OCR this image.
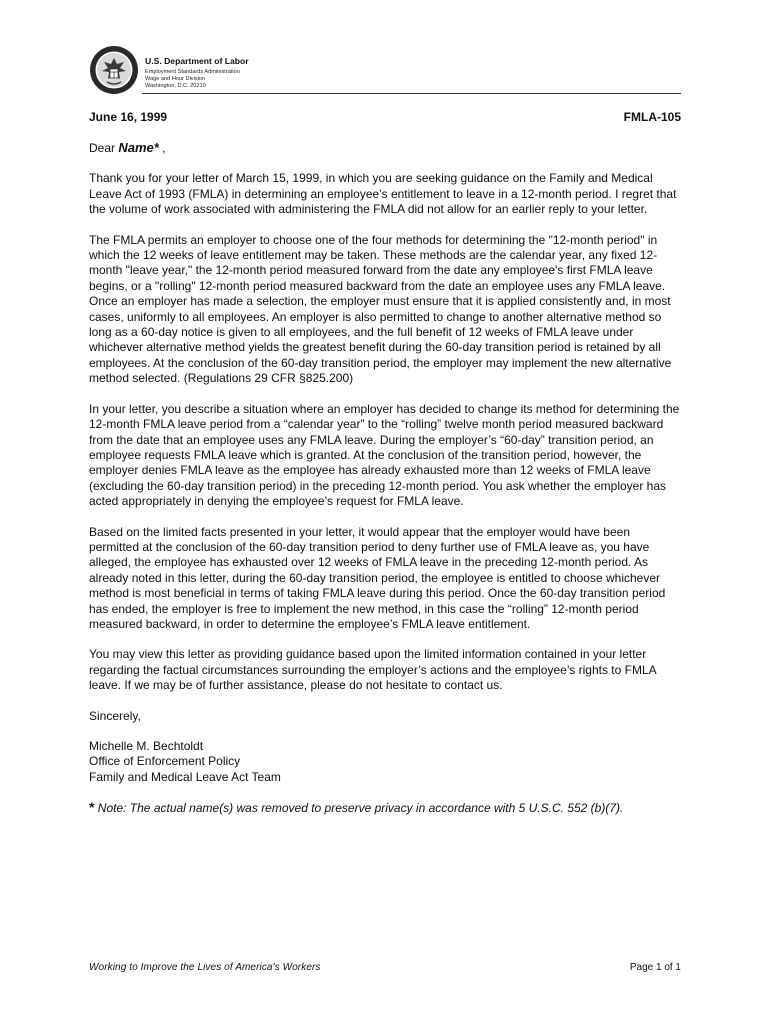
U.S. Department of Labor
Employment Standards Administration
Wage and Hour Division
Washington, D.C. 20210
June 16, 1999	FMLA-105

Dear Name* ,

Thank you for your letter of March 15, 1999, in which you are seeking guidance on the Family and Medical Leave Act of 1993 (FMLA) in determining an employee’s entitlement to leave in a 12-month period. I regret that the volume of work associated with administering the FMLA did not allow for an earlier reply to your letter.

The FMLA permits an employer to choose one of the four methods for determining the "12-month period" in which the 12 weeks of leave entitlement may be taken. These methods are the calendar year, any fixed 12-month "leave year," the 12-month period measured forward from the date any employee's first FMLA leave begins, or a "rolling" 12-month period measured backward from the date an employee uses any FMLA leave. Once an employer has made a selection, the employer must ensure that it is applied consistently and, in most cases, uniformly to all employees. An employer is also permitted to change to another alternative method so long as a 60-day notice is given to all employees, and the full benefit of 12 weeks of FMLA leave under whichever alternative method yields the greatest benefit during the 60-day transition period is retained by all employees. At the conclusion of the 60-day transition period, the employer may implement the new alternative method selected. (Regulations 29 CFR §825.200)

In your letter, you describe a situation where an employer has decided to change its method for determining the 12-month FMLA leave period from a “calendar year” to the “rolling” twelve month period measured backward from the date that an employee uses any FMLA leave. During the employer’s “60-day” transition period, an employee requests FMLA leave which is granted. At the conclusion of the transition period, however, the employer denies FMLA leave as the employee has already exhausted more than 12 weeks of FMLA leave (excluding the 60-day transition period) in the preceding 12-month period. You ask whether the employer has acted appropriately in denying the employee’s request for FMLA leave.

Based on the limited facts presented in your letter, it would appear that the employer would have been permitted at the conclusion of the 60-day transition period to deny further use of FMLA leave as, you have alleged, the employee has exhausted over 12 weeks of FMLA leave in the preceding 12-month period. As already noted in this letter, during the 60-day transition period, the employee is entitled to choose whichever method is most beneficial in terms of taking FMLA leave during this period. Once the 60-day transition period has ended, the employer is free to implement the new method, in this case the “rolling” 12-month period measured backward, in order to determine the employee’s FMLA leave entitlement.

You may view this letter as providing guidance based upon the limited information contained in your letter regarding the factual circumstances surrounding the employer’s actions and the employee’s rights to FMLA leave. If we may be of further assistance, please do not hesitate to contact us.

Sincerely,

Michelle M. Bechtoldt
Office of Enforcement Policy
Family and Medical Leave Act Team

* Note: The actual name(s) was removed to preserve privacy in accordance with 5 U.S.C. 552 (b)(7).

Working to Improve the Lives of America's Workers	Page 1 of 1
